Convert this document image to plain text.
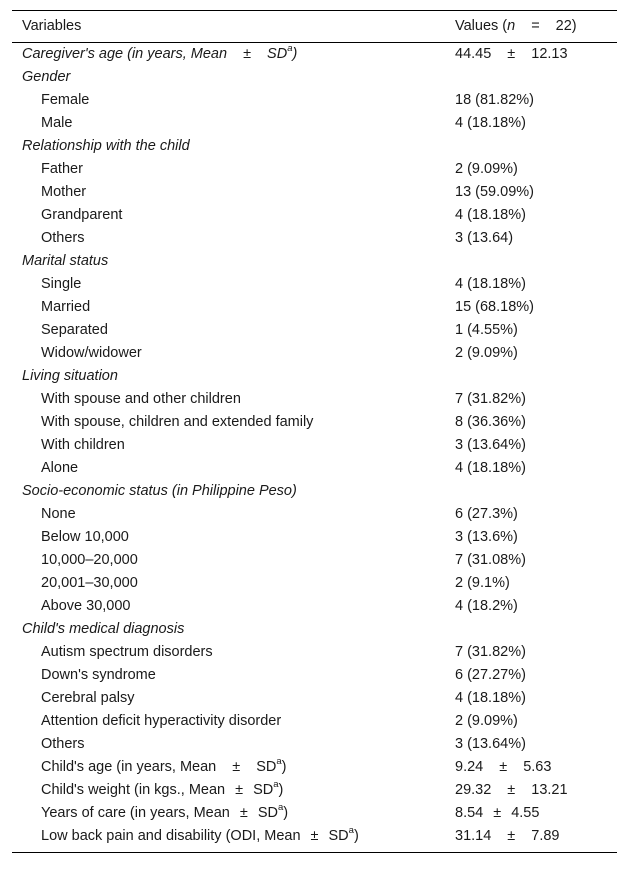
Variables	Values (n = 22)
Caregiver's age (in years, Mean ± $SD^a$)	44.45 ± 12.13
Gender
Female	18 (81.82%)
Male	4 (18.18%)
Relationship with the child
Father	2 (9.09%)
Mother	13 (59.09%)
Grandparent	4 (18.18%)
Others	3 (13.64)
Marital status
Single	4 (18.18%)
Married	15 (68.18%)
Separated	1 (4.55%)
Widow/widower	2 (9.09%)
Living situation
With spouse and other children	7 (31.82%)
With spouse, children and extended family	8 (36.36%)
With children	3 (13.64%)
Alone	4 (18.18%)
Socio-economic status (in Philippine Peso)
None	6 (27.3%)
Below 10,000	3 (13.6%)
10,000–20,000	7 (31.08%)
20,001–30,000	2 (9.1%)
Above 30,000	4 (18.2%)
Child's medical diagnosis
Autism spectrum disorders	7 (31.82%)
Down's syndrome	6 (27.27%)
Cerebral palsy	4 (18.18%)
Attention deficit hyperactivity disorder	2 (9.09%)
Others	3 (13.64%)
Child's age (in years, Mean ± $SD^a$)	9.24 ± 5.63
Child's weight (in kgs., Mean ± $SD^a$)	29.32 ± 13.21
Years of care (in years, Mean ± $SD^a$)	8.54 ± 4.55
Low back pain and disability (ODI, Mean ± $SD^a$)	31.14 ± 7.89
